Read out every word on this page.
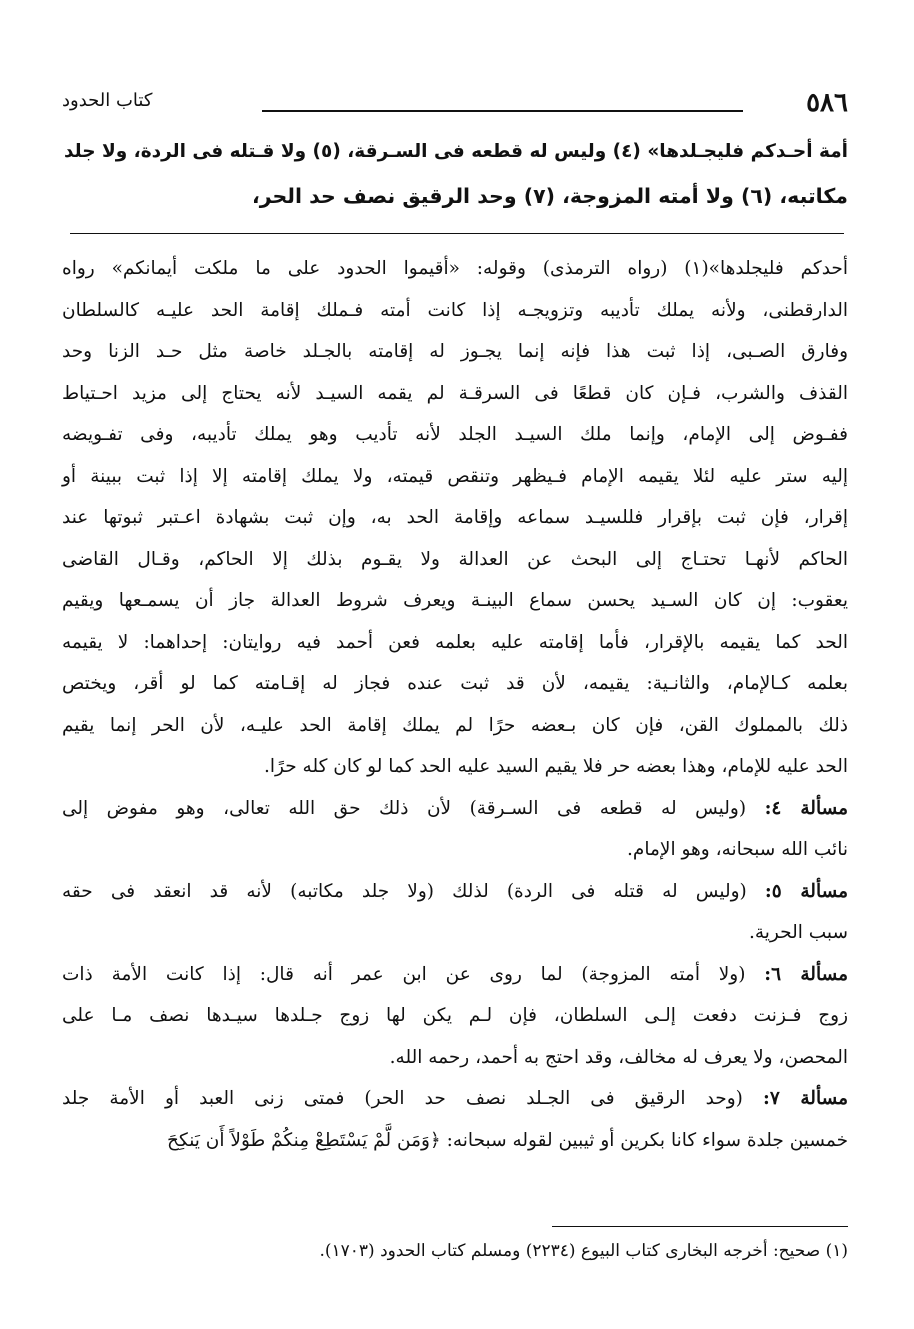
٥٨٦
كتاب الحدود
أمة أحـدكم فليجـلدها» (٤) وليس له قطعه فى السـرقة، (٥) ولا قـتله فى الردة، ولا جلد
مكاتبه، (٦) ولا أمته المزوجة، (٧) وحد الرقيق نصف حد الحر،
أحدكم فليجلدها»(١) (رواه الترمذى) وقوله: «أقيموا الحدود على ما ملكت أيمانكم» رواه
الدارقطنى، ولأنه يملك تأديبه وتزويجـه إذا كانت أمته فـملك إقامة الحد عليـه كالسلطان
وفارق الصـبى، إذا ثبت هذا فإنه إنما يجـوز له إقامته بالجـلد خاصة مثل حـد الزنا وحد
القذف والشرب، فـإن كان قطعًا فى السرقـة لم يقمه السيـد لأنه يحتاج إلى مزيد احـتياط
ففـوض إلى الإمام، وإنما ملك السيـد الجلد لأنه تأديب وهو يملك تأديبه، وفى تفـويضه
إليه ستر عليه لئلا يقيمه الإمام فـيظهر وتنقص قيمته، ولا يملك إقامته إلا إذا ثبت ببينة أو
إقرار، فإن ثبت بإقرار فللسيـد سماعه وإقامة الحد به، وإن ثبت بشهادة اعـتبر ثبوتها عند
الحاكم لأنهـا تحتـاج إلى البحث عن العدالة ولا يقـوم بذلك إلا الحاكم، وقـال القاضى
يعقوب: إن كان السـيد يحسن سماع البينـة ويعرف شروط العدالة جاز أن يسمـعها ويقيم
الحد كما يقيمه بالإقرار، فأما إقامته عليه بعلمه فعن أحمد فيه روايتان: إحداهما: لا يقيمه
بعلمه كـالإمام، والثانـية: يقيمه، لأن قد ثبت عنده فجاز له إقـامته كما لو أقر، ويختص
ذلك بالمملوك القن، فإن كان بـعضه حرًا لم يملك إقامة الحد عليـه، لأن الحر إنما يقيم
الحد عليه للإمام، وهذا بعضه حر فلا يقيم السيد عليه الحد كما لو كان كله حرًا.
مسألة ٤: (وليس له قطعه فى السـرقة) لأن ذلك حق الله تعالى، وهو مفوض إلى
نائب الله سبحانه، وهو الإمام.
مسألة ٥: (وليس له قتله فى الردة) لذلك (ولا جلد مكاتبه) لأنه قد انعقد فى حقه
سبب الحرية.
مسألة ٦: (ولا أمته المزوجة) لما روى عن ابن عمر أنه قال: إذا كانت الأمة ذات
زوج فـزنت دفعت إلـى السلطان، فإن لـم يكن لها زوج جـلدها سيـدها نصف مـا على
المحصن، ولا يعرف له مخالف، وقد احتج به أحمد، رحمه الله.
مسألة ٧: (وحد الرقيق فى الجـلد نصف حد الحر) فمتى زنى العبد أو الأمة جلد
خمسين جلدة سواء كانا بكرين أو ثيبين لقوله سبحانه: ﴿وَمَن لَّمْ يَسْتَطِعْ مِنكُمْ طَوْلاً أَن يَنكِحَ
(١) صحيح: أخرجه البخارى كتاب البيوع (٢٢٣٤) ومسلم كتاب الحدود (١٧٠٣).
